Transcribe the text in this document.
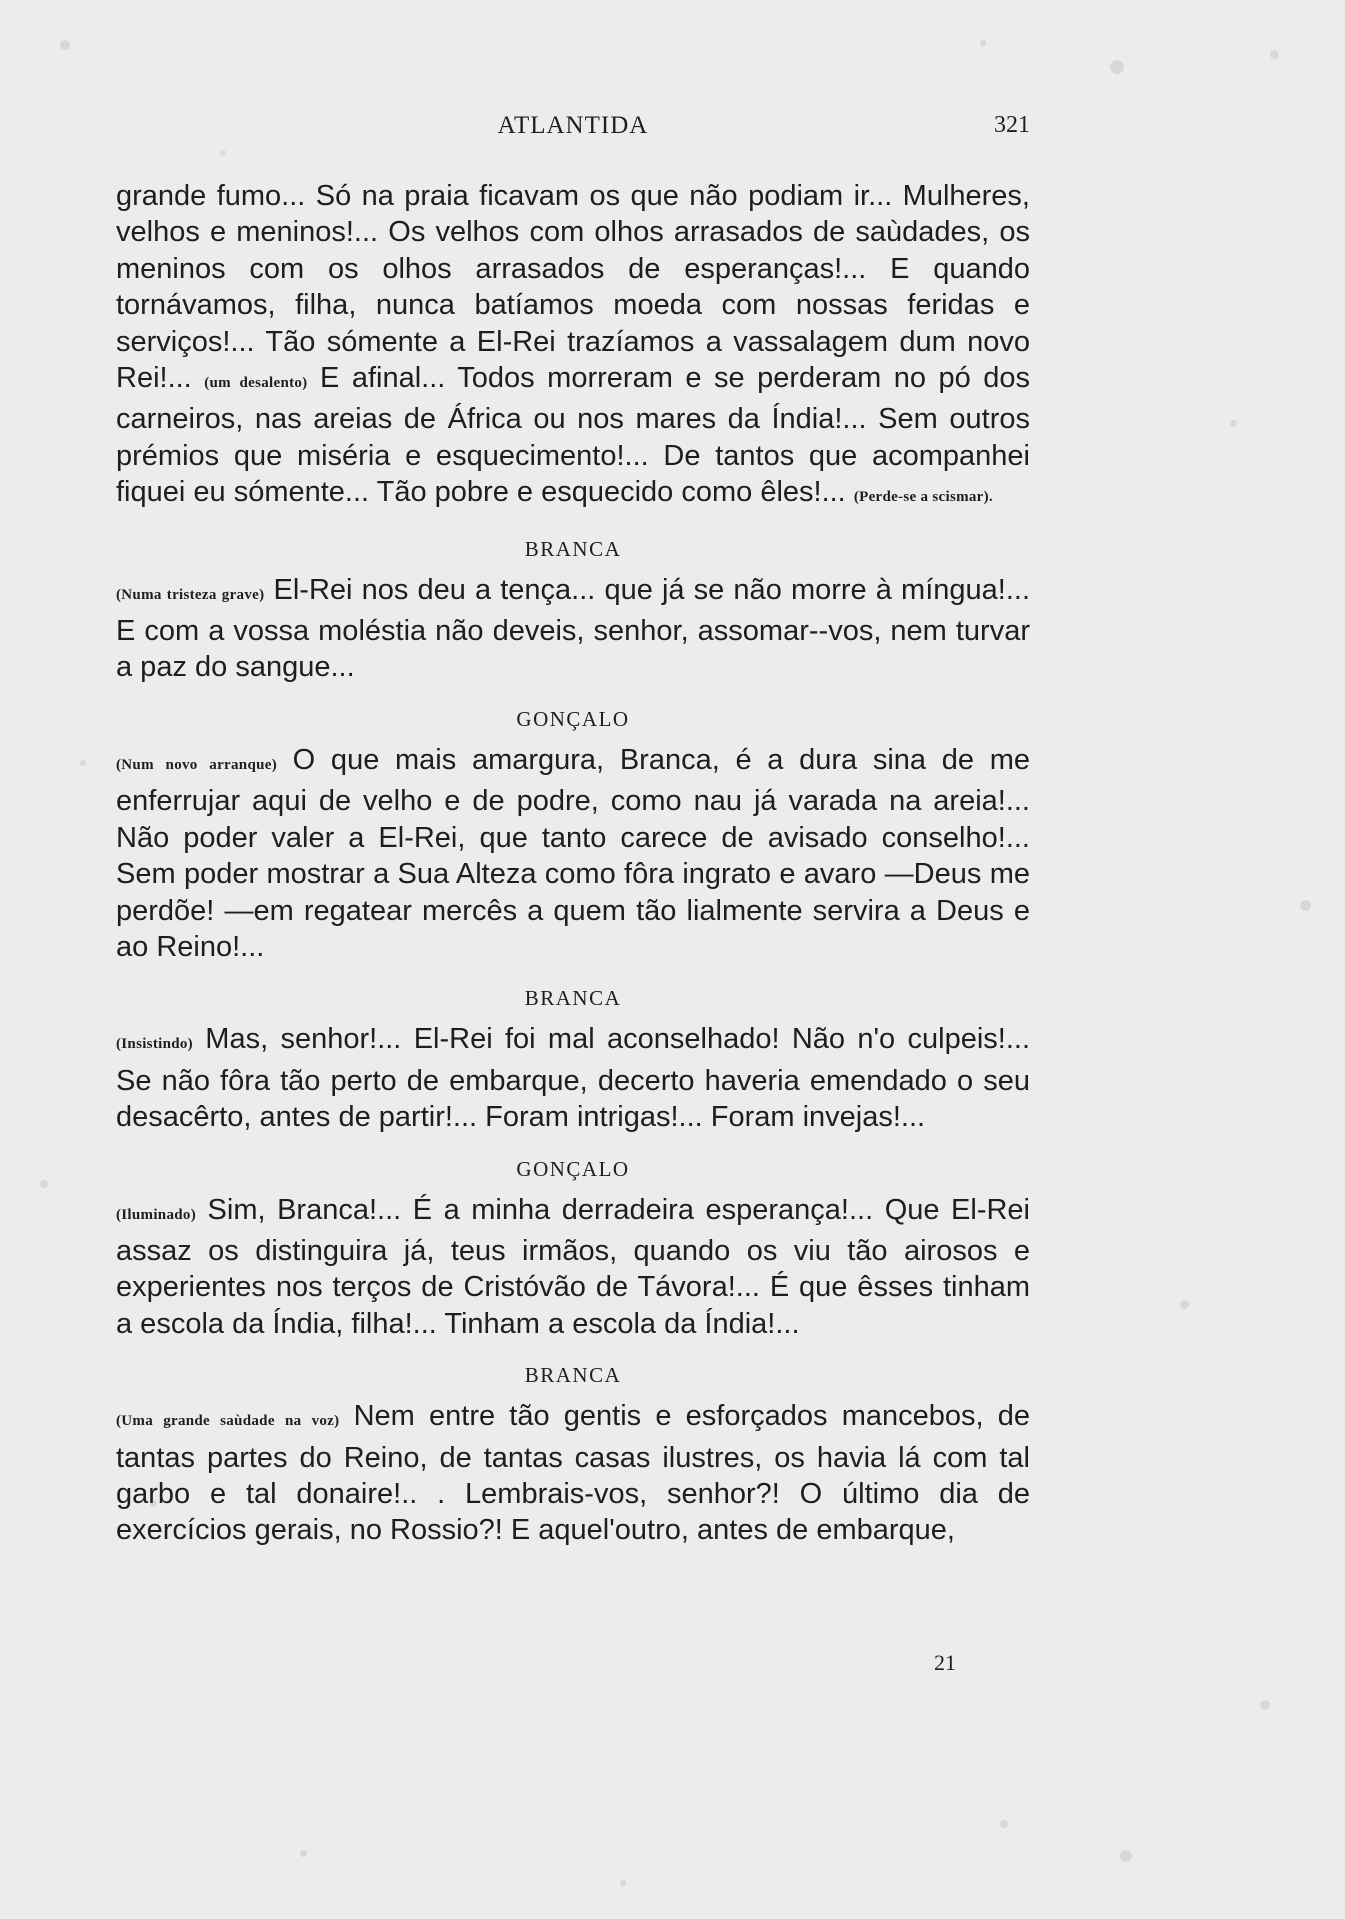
ATLANTIDA	321

grande fumo... Só na praia ficavam os que não podiam ir... Mulheres, velhos e meninos!... Os velhos com olhos arrasados de saùdades, os meninos com os olhos arrasados de esperanças!... E quando tornávamos, filha, nunca batíamos moeda com nossas feridas e serviços!... Tão sómente a El-Rei trazíamos a vassalagem dum novo Rei!... (um desalento) E afinal... Todos morreram e se perderam no pó dos carneiros, nas areias de África ou nos mares da Índia!... Sem outros prémios que miséria e esquecimento!... De tantos que acompanhei fiquei eu sómente... Tão pobre e esquecido como êles!... (Perde-se a scismar).

BRANCA

(Numa tristeza grave) El-Rei nos deu a tença... que já se não morre à míngua!... E com a vossa moléstia não deveis, senhor, assomar--vos, nem turvar a paz do sangue...

GONÇALO

(Num novo arranque) O que mais amargura, Branca, é a dura sina de me enferrujar aqui de velho e de podre, como nau já varada na areia!... Não poder valer a El-Rei, que tanto carece de avisado conselho!... Sem poder mostrar a Sua Alteza como fôra ingrato e avaro —Deus me perdõe! —em regatear mercês a quem tão lialmente servira a Deus e ao Reino!...

BRANCA

(Insistindo) Mas, senhor!... El-Rei foi mal aconselhado! Não n'o culpeis!... Se não fôra tão perto de embarque, decerto haveria emendado o seu desacêrto, antes de partir!... Foram intrigas!... Foram invejas!...

GONÇALO

(Iluminado) Sim, Branca!... É a minha derradeira esperança!... Que El-Rei assaz os distinguira já, teus irmãos, quando os viu tão airosos e experientes nos terços de Cristóvão de Távora!... É que êsses tinham a escola da Índia, filha!... Tinham a escola da Índia!...

BRANCA

(Uma grande saùdade na voz) Nem entre tão gentis e esforçados mancebos, de tantas partes do Reino, de tantas casas ilustres, os havia lá com tal garbo e tal donaire!.. . Lembrais-vos, senhor?! O último dia de exercícios gerais, no Rossio?! E aquel'outro, antes de embarque,

21
